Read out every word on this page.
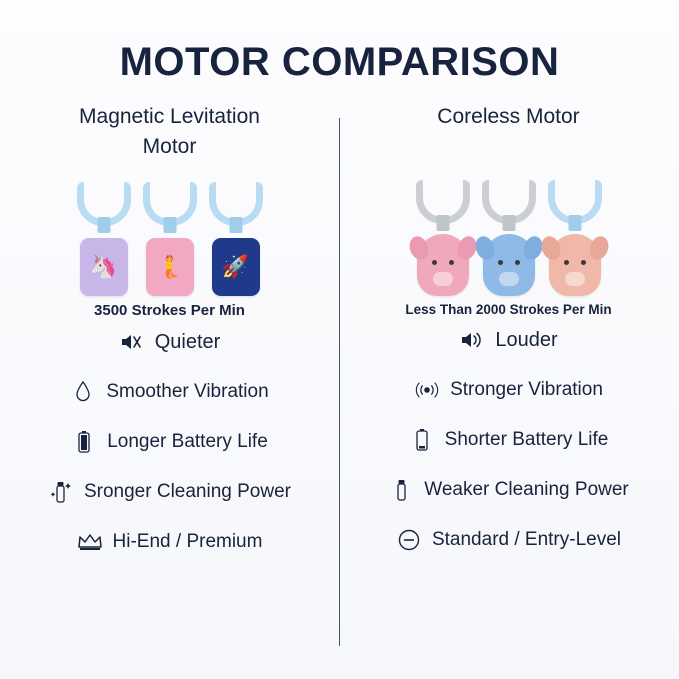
MOTOR COMPARISON
Magnetic Levitation Motor
🦄	🧜	🚀
3500 Strokes Per Min
Quieter
Smoother Vibration
Longer Battery Life
Sronger Cleaning Power
Hi-End / Premium
Coreless Motor
Less Than 2000 Strokes Per Min
Louder
Stronger Vibration
Shorter Battery Life
Weaker Cleaning Power
Standard / Entry-Level
